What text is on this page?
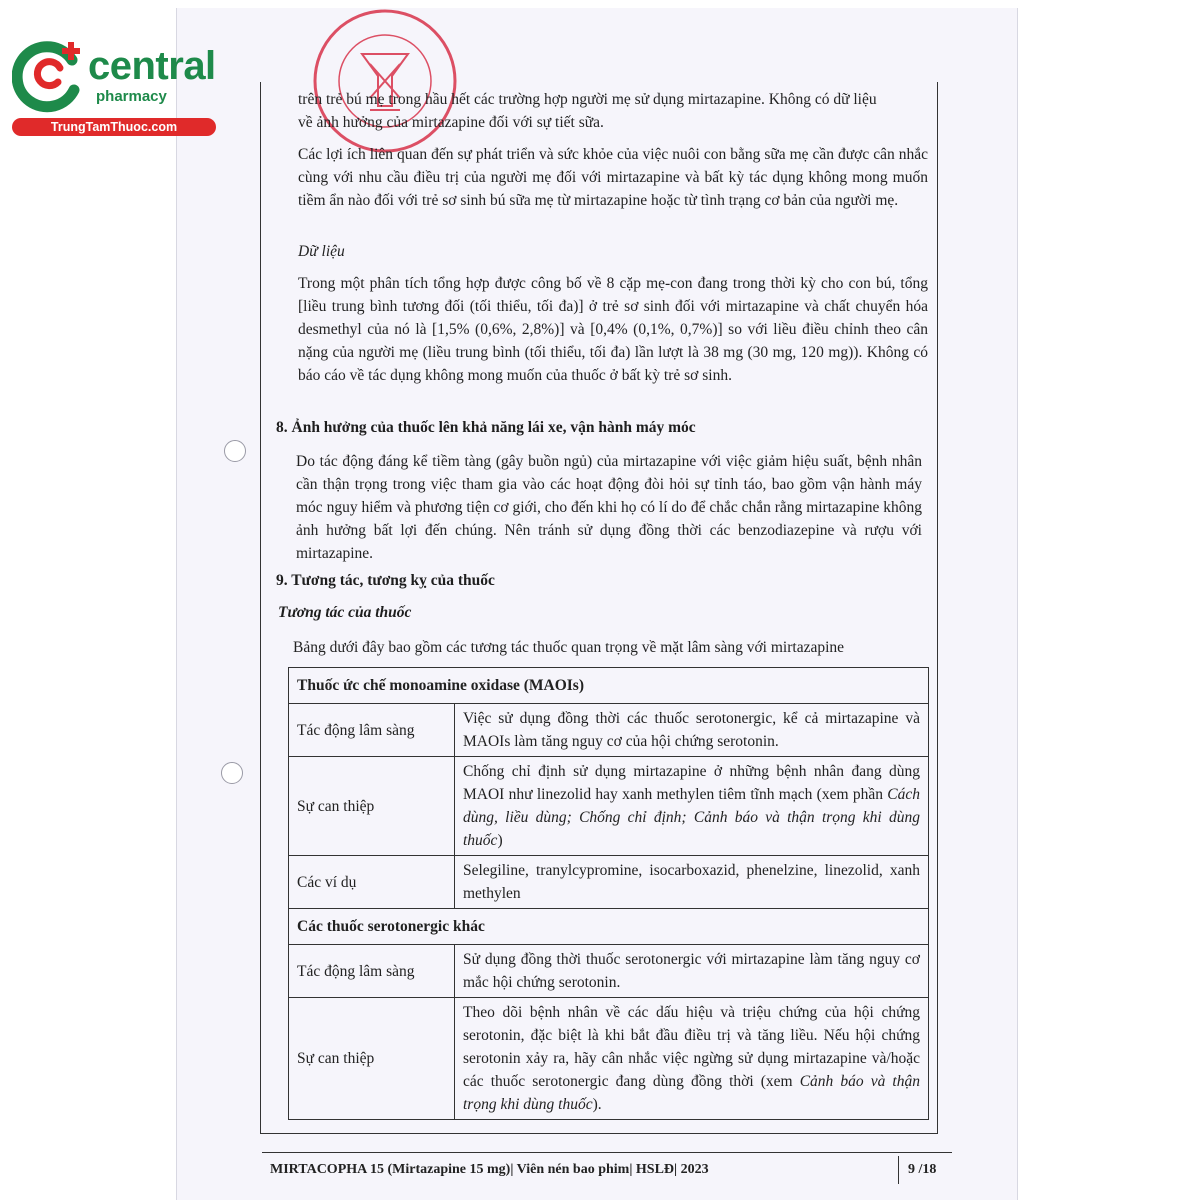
central
pharmacy
TrungTamThuoc.com
trên trẻ bú mẹ trong hầu hết các trường hợp người mẹ sử dụng mirtazapine. Không có dữ liệu
về ảnh hưởng của mirtazapine đối với sự tiết sữa.
Các lợi ích liên quan đến sự phát triển và sức khỏe của việc nuôi con bằng sữa mẹ cần được cân nhắc cùng với nhu cầu điều trị của người mẹ đối với mirtazapine và bất kỳ tác dụng không mong muốn tiềm ẩn nào đối với trẻ sơ sinh bú sữa mẹ từ mirtazapine hoặc từ tình trạng cơ bản của người mẹ.
Dữ liệu
Trong một phân tích tổng hợp được công bố về 8 cặp mẹ-con đang trong thời kỳ cho con bú, tổng [liều trung bình tương đối (tối thiểu, tối đa)] ở trẻ sơ sinh đối với mirtazapine và chất chuyển hóa desmethyl của nó là [1,5% (0,6%, 2,8%)] và [0,4% (0,1%, 0,7%)] so với liều điều chỉnh theo cân nặng của người mẹ (liều trung bình (tối thiểu, tối đa) lần lượt là 38 mg (30 mg, 120 mg)). Không có báo cáo về tác dụng không mong muốn của thuốc ở bất kỳ trẻ sơ sinh.
8. Ảnh hưởng của thuốc lên khả năng lái xe, vận hành máy móc
Do tác động đáng kể tiềm tàng (gây buồn ngủ) của mirtazapine với việc giảm hiệu suất, bệnh nhân cần thận trọng trong việc tham gia vào các hoạt động đòi hỏi sự tỉnh táo, bao gồm vận hành máy móc nguy hiểm và phương tiện cơ giới, cho đến khi họ có lí do để chắc chắn rằng mirtazapine không ảnh hưởng bất lợi đến chúng. Nên tránh sử dụng đồng thời các benzodiazepine và rượu với mirtazapine.
9. Tương tác, tương kỵ của thuốc
Tương tác của thuốc
Bảng dưới đây bao gồm các tương tác thuốc quan trọng về mặt lâm sàng với mirtazapine
Thuốc ức chế monoamine oxidase (MAOIs)	
Tác động lâm sàng	Việc sử dụng đồng thời các thuốc serotonergic, kể cả mirtazapine và MAOIs làm tăng nguy cơ của hội chứng serotonin.
Sự can thiệp	Chống chỉ định sử dụng mirtazapine ở những bệnh nhân đang dùng MAOI như linezolid hay xanh methylen tiêm tĩnh mạch (xem phần Cách dùng, liều dùng; Chống chỉ định; Cảnh báo và thận trọng khi dùng thuốc)
Các ví dụ	Selegiline, tranylcypromine, isocarboxazid, phenelzine, linezolid, xanh methylen
Các thuốc serotonergic khác	
Tác động lâm sàng	Sử dụng đồng thời thuốc serotonergic với mirtazapine làm tăng nguy cơ mắc hội chứng serotonin.
Sự can thiệp	Theo dõi bệnh nhân về các dấu hiệu và triệu chứng của hội chứng serotonin, đặc biệt là khi bắt đầu điều trị và tăng liều. Nếu hội chứng serotonin xảy ra, hãy cân nhắc việc ngừng sử dụng mirtazapine và/hoặc các thuốc serotonergic đang dùng đồng thời (xem Cảnh báo và thận trọng khi dùng thuốc).
MIRTACOPHA 15 (Mirtazapine 15 mg)| Viên nén bao phim| HSLĐ| 2023	9 /18
